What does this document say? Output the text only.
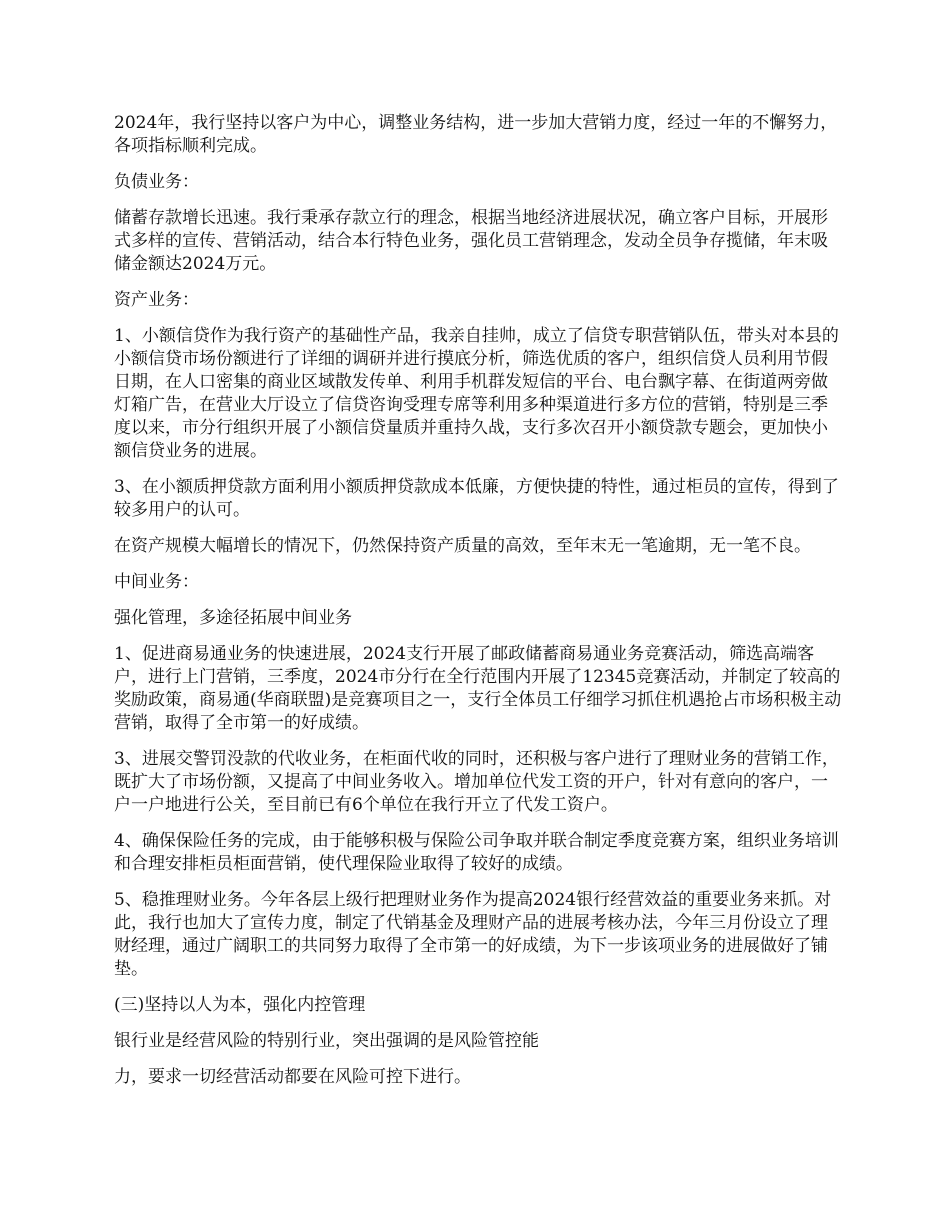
2024年，我行坚持以客户为中心，调整业务结构，进一步加大营销力度，经过一年的不懈努力，各项指标顺利完成。

负债业务：

储蓄存款增长迅速。我行秉承存款立行的理念，根据当地经济进展状况，确立客户目标，开展形式多样的宣传、营销活动，结合本行特色业务，强化员工营销理念，发动全员争存揽储，年末吸储金额达2024万元。

资产业务：

1、小额信贷作为我行资产的基础性产品，我亲自挂帅，成立了信贷专职营销队伍，带头对本县的小额信贷市场份额进行了详细的调研并进行摸底分析，筛选优质的客户，组织信贷人员利用节假日期，在人口密集的商业区域散发传单、利用手机群发短信的平台、电台飘字幕、在街道两旁做灯箱广告，在营业大厅设立了信贷咨询受理专席等利用多种渠道进行多方位的营销，特别是三季度以来，市分行组织开展了小额信贷量质并重持久战，支行多次召开小额贷款专题会，更加快小额信贷业务的进展。

3、在小额质押贷款方面利用小额质押贷款成本低廉，方便快捷的特性，通过柜员的宣传，得到了较多用户的认可。

在资产规模大幅增长的情况下，仍然保持资产质量的高效，至年末无一笔逾期，无一笔不良。

中间业务：

强化管理，多途径拓展中间业务

1、促进商易通业务的快速进展，2024支行开展了邮政储蓄商易通业务竞赛活动，筛选高端客户，进行上门营销，三季度，2024市分行在全行范围内开展了12345竞赛活动，并制定了较高的奖励政策，商易通(华商联盟)是竞赛项目之一，支行全体员工仔细学习抓住机遇抢占市场积极主动营销，取得了全市第一的好成绩。

3、进展交警罚没款的代收业务，在柜面代收的同时，还积极与客户进行了理财业务的营销工作，既扩大了市场份额，又提高了中间业务收入。增加单位代发工资的开户，针对有意向的客户，一户一户地进行公关，至目前已有6个单位在我行开立了代发工资户。

4、确保保险任务的完成，由于能够积极与保险公司争取并联合制定季度竞赛方案，组织业务培训和合理安排柜员柜面营销，使代理保险业取得了较好的成绩。

5、稳推理财业务。今年各层上级行把理财业务作为提高2024银行经营效益的重要业务来抓。对此，我行也加大了宣传力度，制定了代销基金及理财产品的进展考核办法，今年三月份设立了理财经理，通过广阔职工的共同努力取得了全市第一的好成绩，为下一步该项业务的进展做好了铺垫。

(三)坚持以人为本，强化内控管理

银行业是经营风险的特别行业，突出强调的是风险管控能

力，要求一切经营活动都要在风险可控下进行。
